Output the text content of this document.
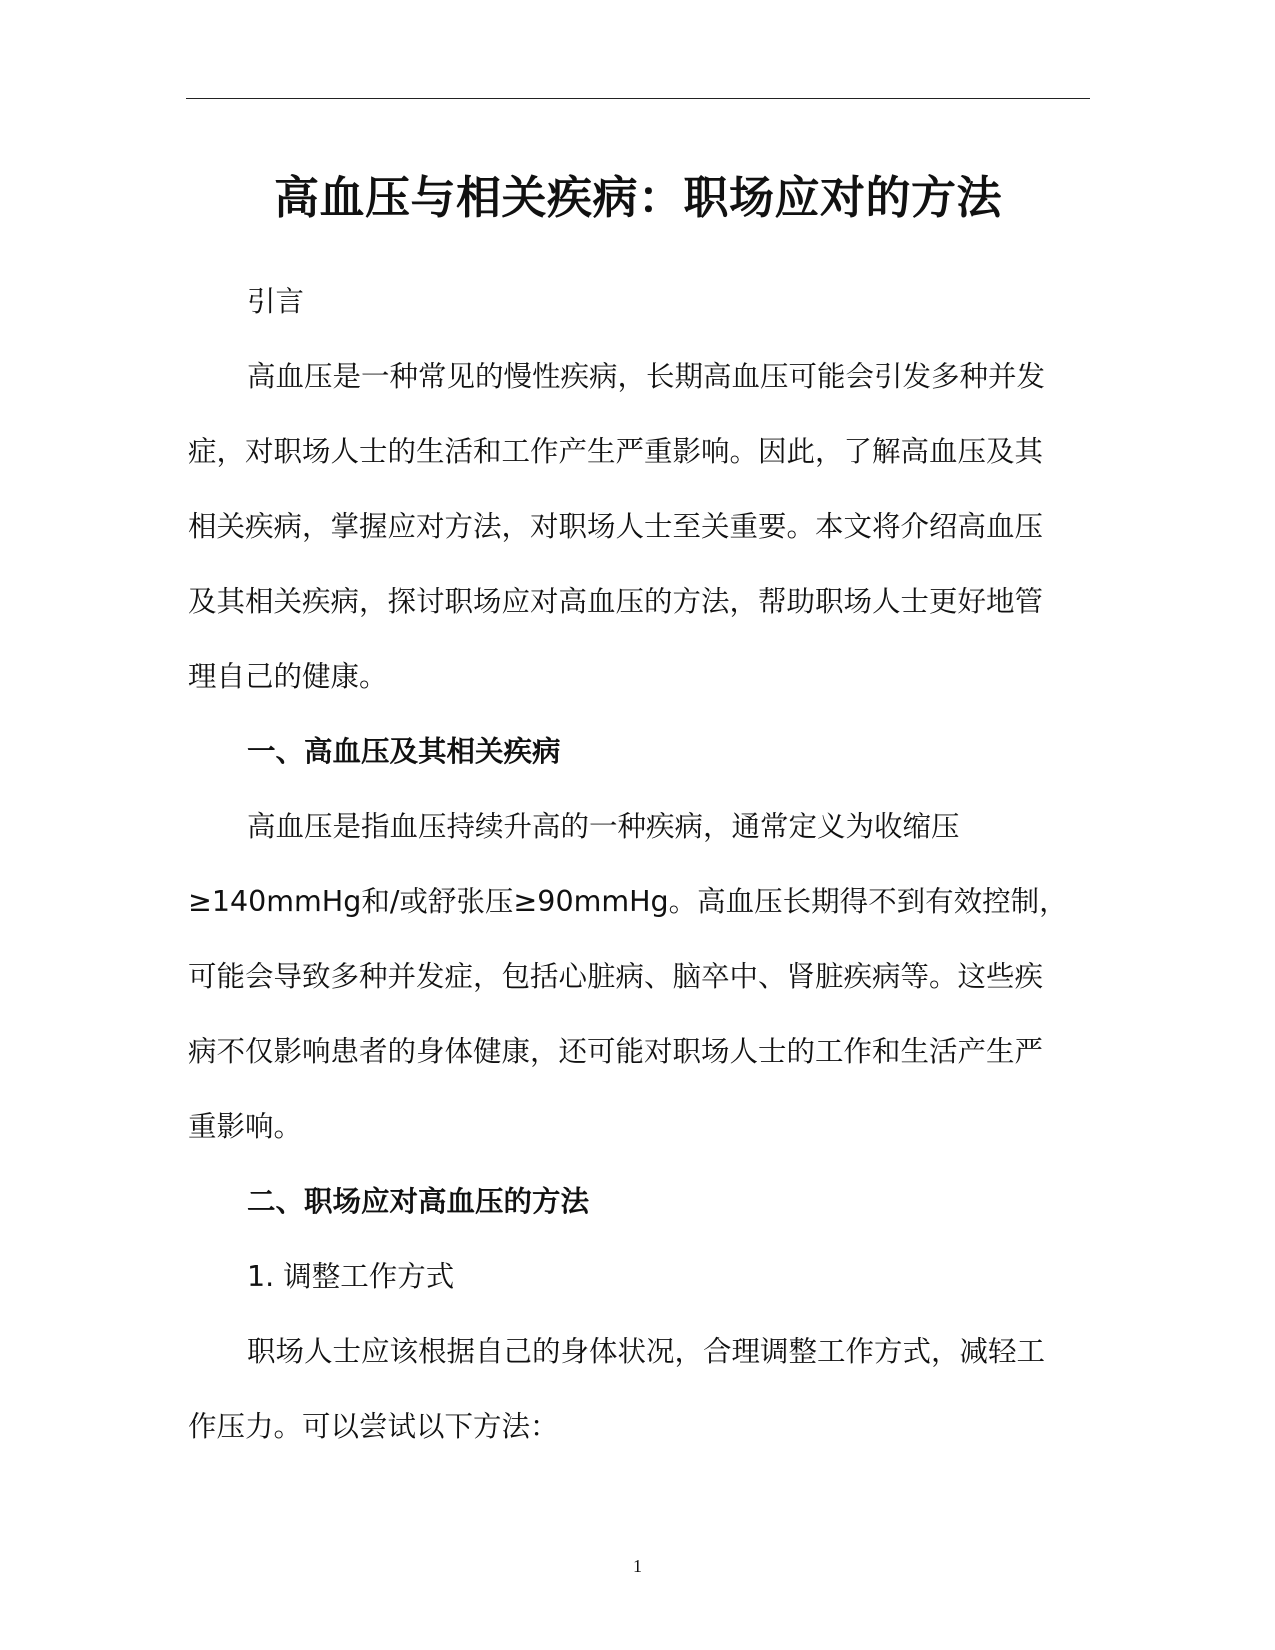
高血压与相关疾病：职场应对的方法

引言

高血压是一种常见的慢性疾病，长期高血压可能会引发多种并发症，对职场人士的生活和工作产生严重影响。因此，了解高血压及其相关疾病，掌握应对方法，对职场人士至关重要。本文将介绍高血压及其相关疾病，探讨职场应对高血压的方法，帮助职场人士更好地管理自己的健康。

一、高血压及其相关疾病

高血压是指血压持续升高的一种疾病，通常定义为收缩压≥140mmHg和/或舒张压≥90mmHg。高血压长期得不到有效控制，可能会导致多种并发症，包括心脏病、脑卒中、肾脏疾病等。这些疾病不仅影响患者的身体健康，还可能对职场人士的工作和生活产生严重影响。

二、职场应对高血压的方法

1. 调整工作方式

职场人士应该根据自己的身体状况，合理调整工作方式，减轻工作压力。可以尝试以下方法：

1
